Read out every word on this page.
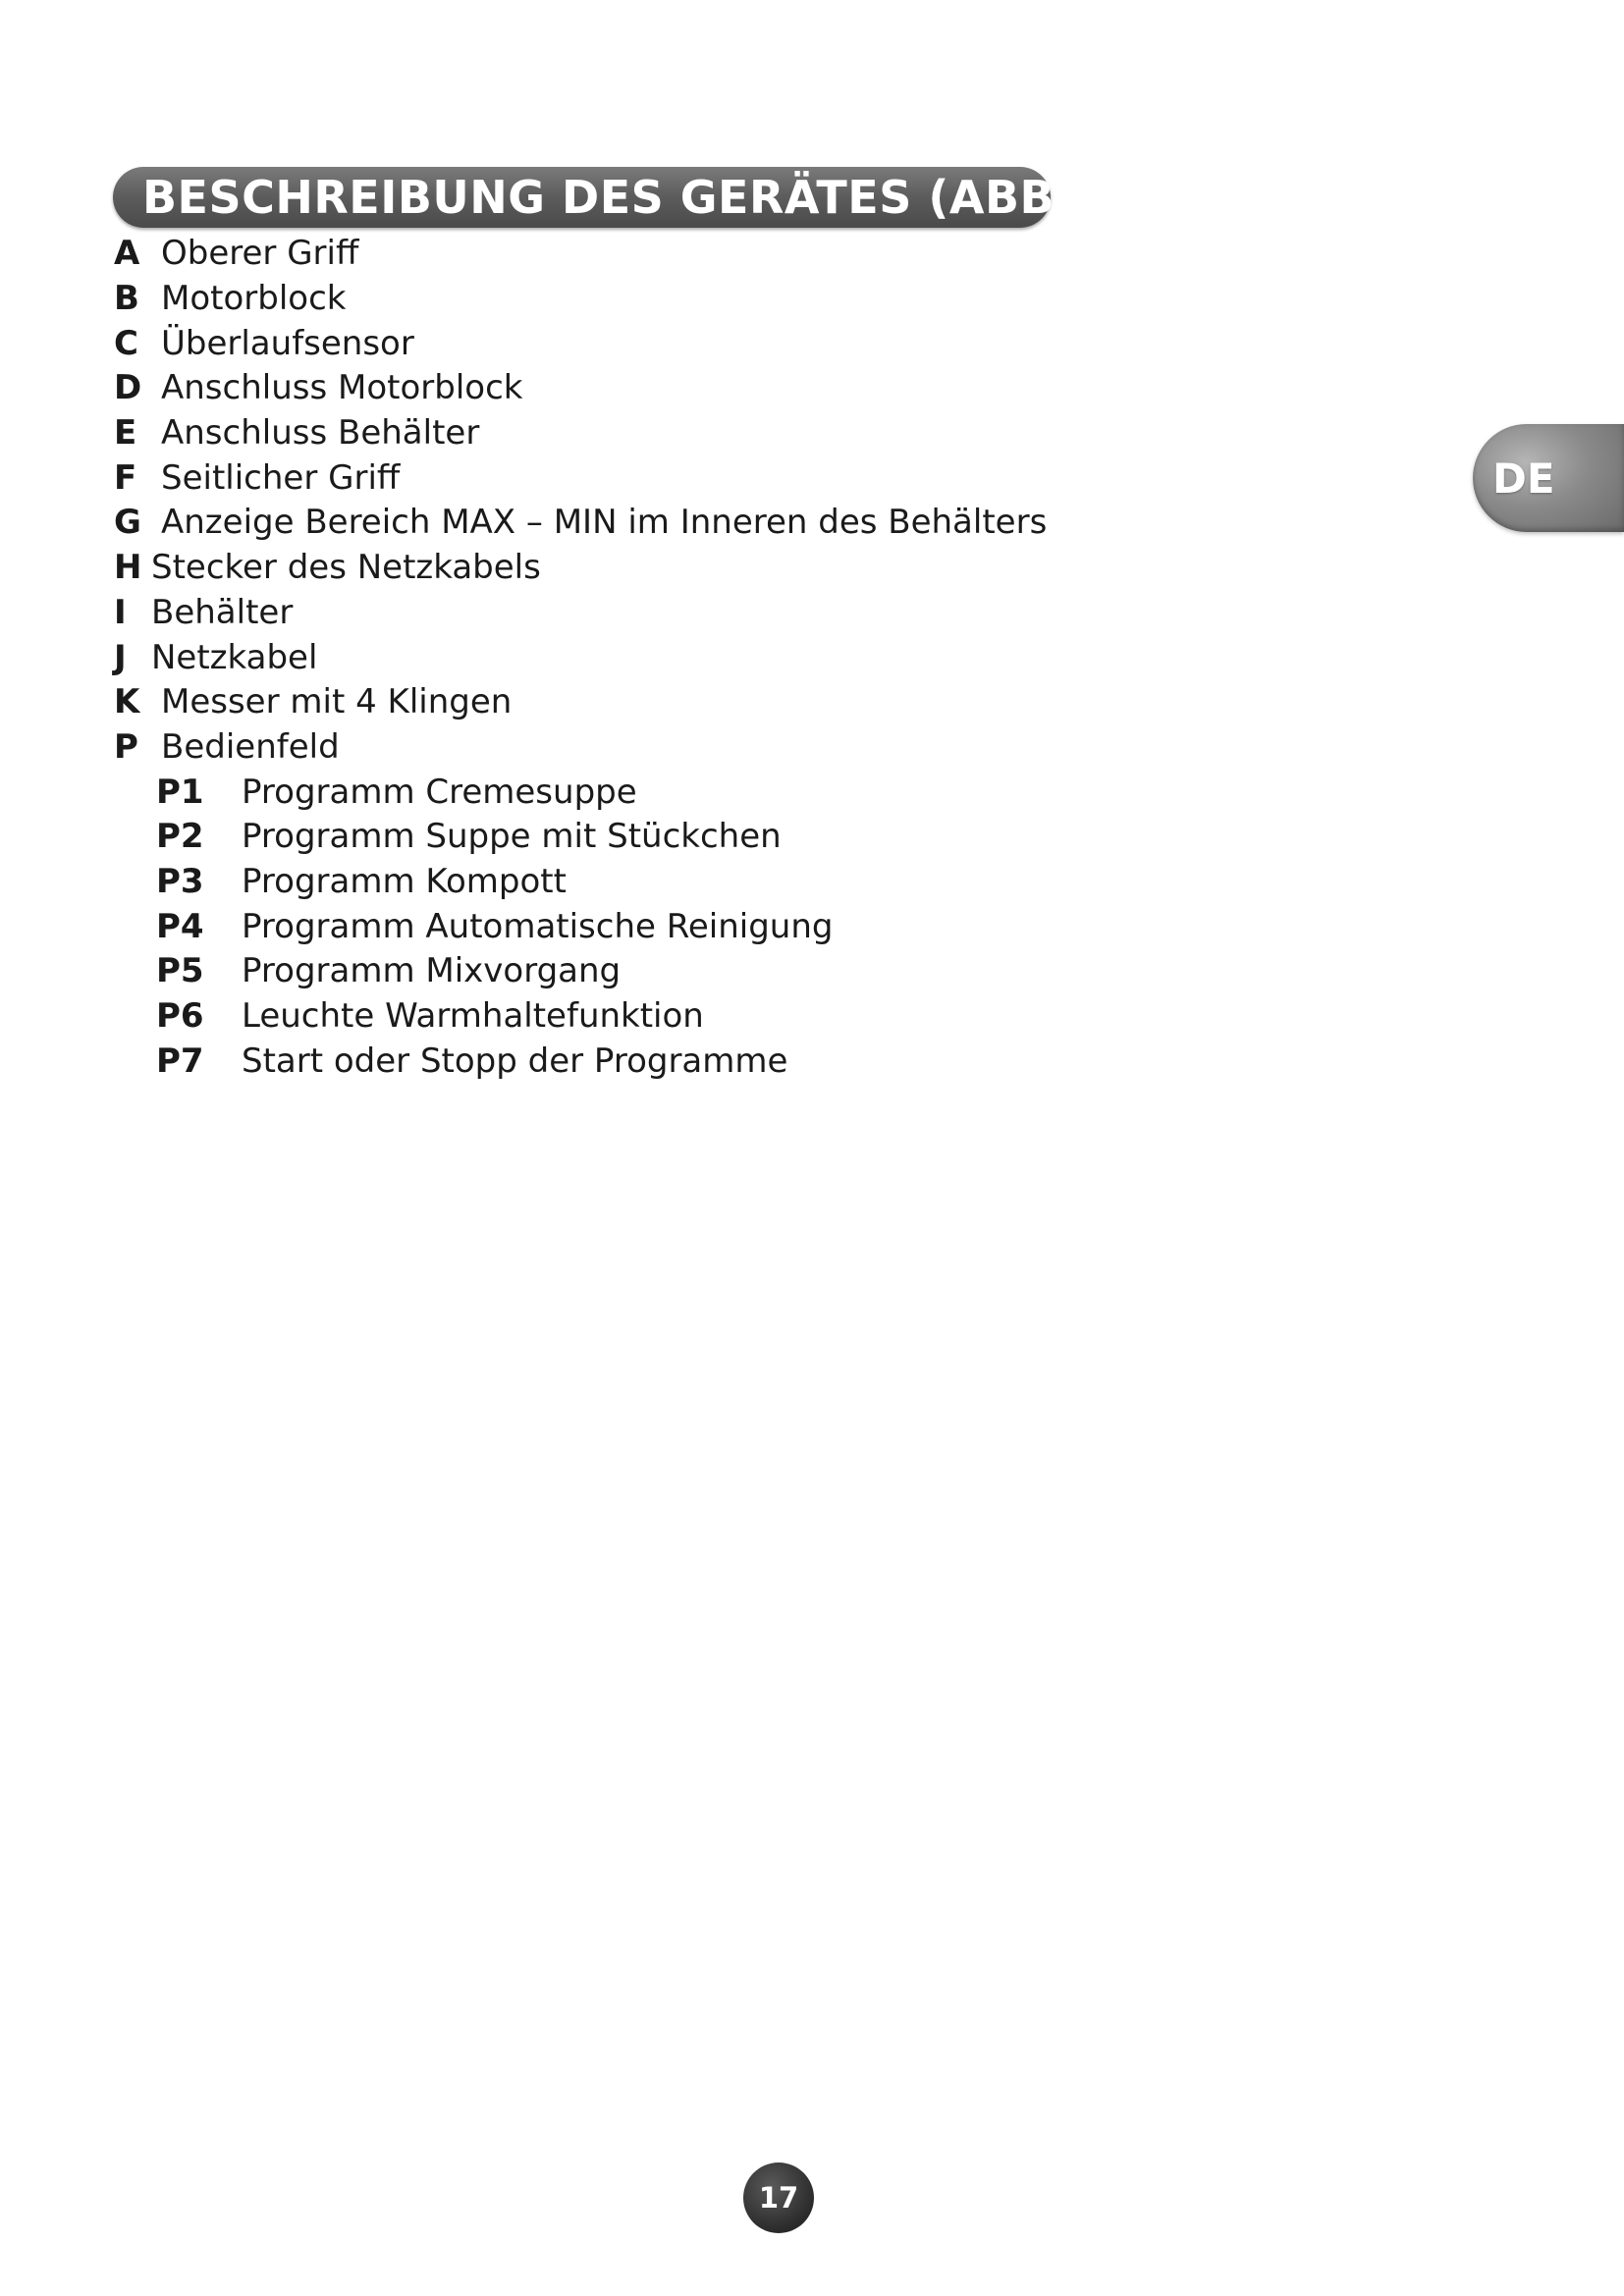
BESCHREIBUNG DES GERÄTES (ABB 1)
A Oberer Griff
B Motorblock
C Überlaufsensor
D Anschluss Motorblock
E Anschluss Behälter
F Seitlicher Griff
G Anzeige Bereich MAX – MIN im Inneren des Behälters
H Stecker des Netzkabels
I Behälter
J Netzkabel
K Messer mit 4 Klingen
P Bedienfeld
P1	Programm Cremesuppe
P2	Programm Suppe mit Stückchen
P3	Programm Kompott
P4	Programm Automatische Reinigung
P5	Programm Mixvorgang
P6	Leuchte Warmhaltefunktion
P7	Start oder Stopp der Programme
DE
17
